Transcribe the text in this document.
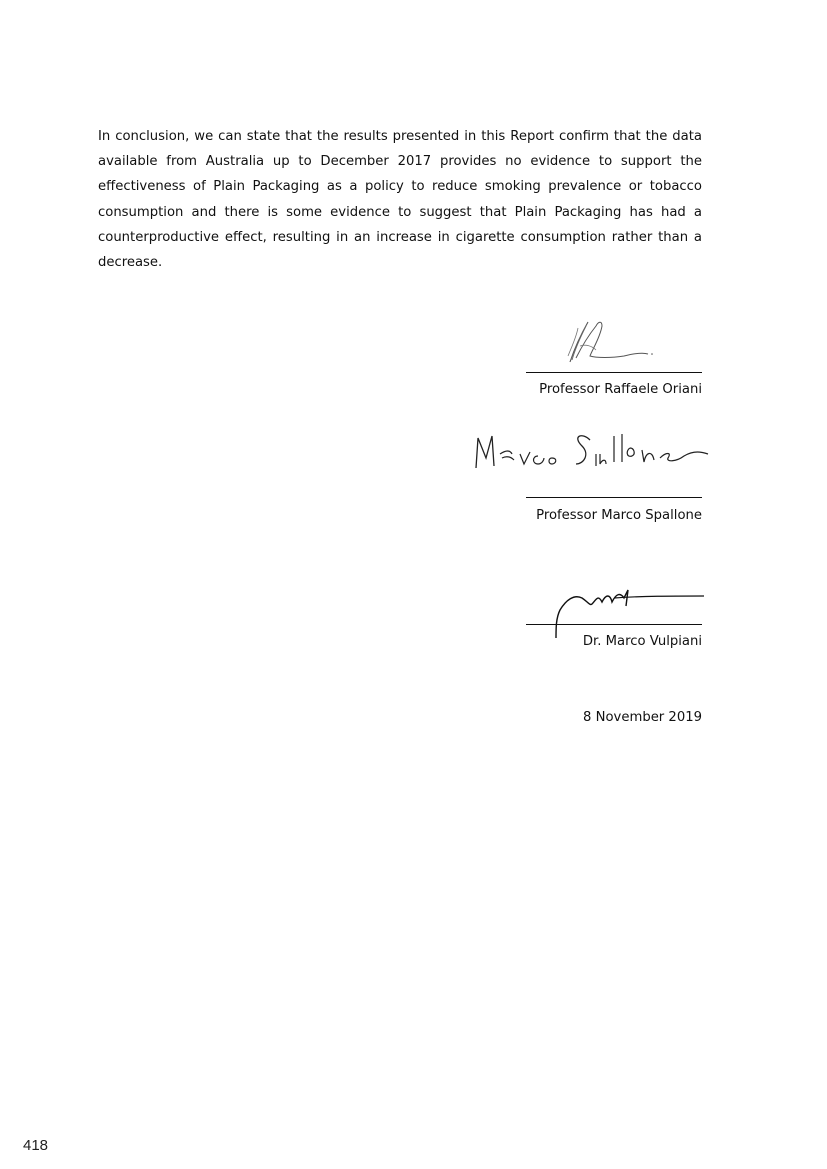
In conclusion, we can state that the results presented in this Report confirm that the data available from Australia up to December 2017 provides no evidence to support the effectiveness of Plain Packaging as a policy to reduce smoking prevalence or tobacco consumption and there is some evidence to suggest that Plain Packaging has had a counterproductive effect, resulting in an increase in cigarette consumption rather than a decrease.

Professor Raffaele Oriani
Professor Marco Spallone
Dr. Marco Vulpiani
8 November 2019
418
